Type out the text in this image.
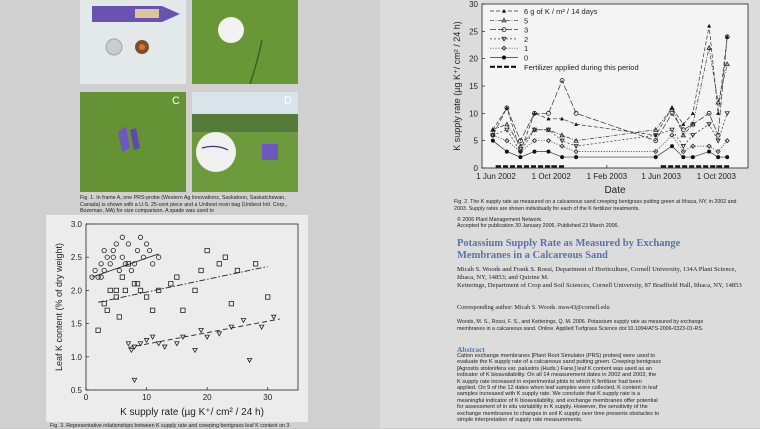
C	D
Fig. 1. In frame A, one PRS-probe (Western Ag Innovations, Saskatoon, Saskatchewan, Canada) is shown with a U.S. 25-cent piece and a Unibest resin bag (Unibest Intl. Corp., Bozeman, MA) for size comparison. A spade was used to
0.5
1.0
1.5
2.0
2.5
3.0
0	10	20	30
K supply rate (µg K⁺/ cm² / 24 h)
Leaf K content (% of dry weight)
Fig. 3. Representative relationships between K supply rate and creeping bentgrass leaf K content on 3
0
5
10
15
20
25
30
1 Jun 2002 1 Oct 2002 1 Feb 2003 1 Jun 2003 1 Oct 2003
Date
K supply rate (µg K⁺/ cm² / 24 h)
6 g of K / m² / 14 days
5
3
2
1
0
Fertilizer applied during this period
Fig. 2. The K supply rate as measured on a calcareous sand creeping bentgrass putting green at Ithaca, NY, in 2002 and 2003. Supply rates are shown individually for each of the K fertilizer treatments.
© 2006 Plant Management Network.
Accepted for publication 30 January 2006. Published 23 March 2006.
Potassium Supply Rate as Measured by Exchange Membranes in a Calcareous Sand
Micah S. Woods and Frank S. Rossi, Department of Horticulture, Cornell University, 134A Plant Science, Ithaca, NY, 14853; and Quirine M.
Ketterings, Department of Crop and Soil Sciences, Cornell University, 87 Bradfield Hall, Ithaca, NY, 14853
Corresponding author: Micah S. Woods. msw43@cornell.edu
Woods, M. S., Rossi, F. S., and Ketterings, Q. M. 2006. Potassium supply rate as measured by exchange membranes in a calcareous sand. Online. Applied Turfgrass Science doi:10.1094/ATS-2006-0323-01-RS.
Abstract
Cation exchange membranes [Plant Root Simulator (PRS) probes] were used to
evaluate the K supply rate of a calcareous sand putting green. Creeping bentgrass
[Agrostis stolonifera var. palustris (Huds.) Farw.] leaf K content was used as an
indicator of K bioavailability. On all 14 measurement dates in 2002 and 2003, the
K supply rate increased in experimental plots to which K fertilizer had been
applied. On 9 of the 12 dates when leaf samples were collected, K content in leaf
samples increased with K supply rate. We conclude that K supply rate is a
meaningful indicator of K bioavailability, and exchange membranes offer potential
for assessment of in situ variability in K supply. However, the sensitivity of the
exchange membranes to changes in soil K supply over time presents obstacles to
simple interpretation of supply rate measurements.
